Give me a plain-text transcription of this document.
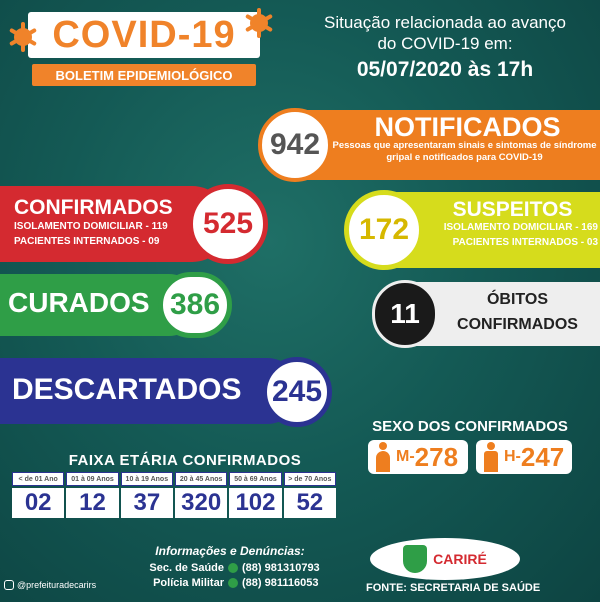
COVID-19
BOLETIM EPIDEMIOLÓGICO
Situação relacionada ao avanço
do COVID-19 em:
05/07/2020 às 17h
942
NOTIFICADOS
Pessoas que apresentaram sinais e sintomas de síndrome gripal e notificados para COVID-19
525
CONFIRMADOS
ISOLAMENTO DOMICILIAR - 119
PACIENTES INTERNADOS - 09	172
SUSPEITOS
ISOLAMENTO DOMICILIAR - 169
PACIENTES INTERNADOS - 03
386
CURADOS	11	ÓBITOS
CONFIRMADOS
245
DESCARTADOS
SEXO DOS CONFIRMADOS
M- 278	H- 247
FAIXA ETÁRIA CONFIRMADOS
< de 01 Ano
02
01 à 09 Anos
12
10 à 19 Anos
37
20 à 45 Anos
320
50 à 69 Anos
102
> de 70 Anos
52
Informações e Denúncias:
Sec. de Saúde (88) 981310793
Polícia Militar (88) 981116053
@prefeituradecarirs
CARIRÉ
FONTE: SECRETARIA DE SAÚDE
